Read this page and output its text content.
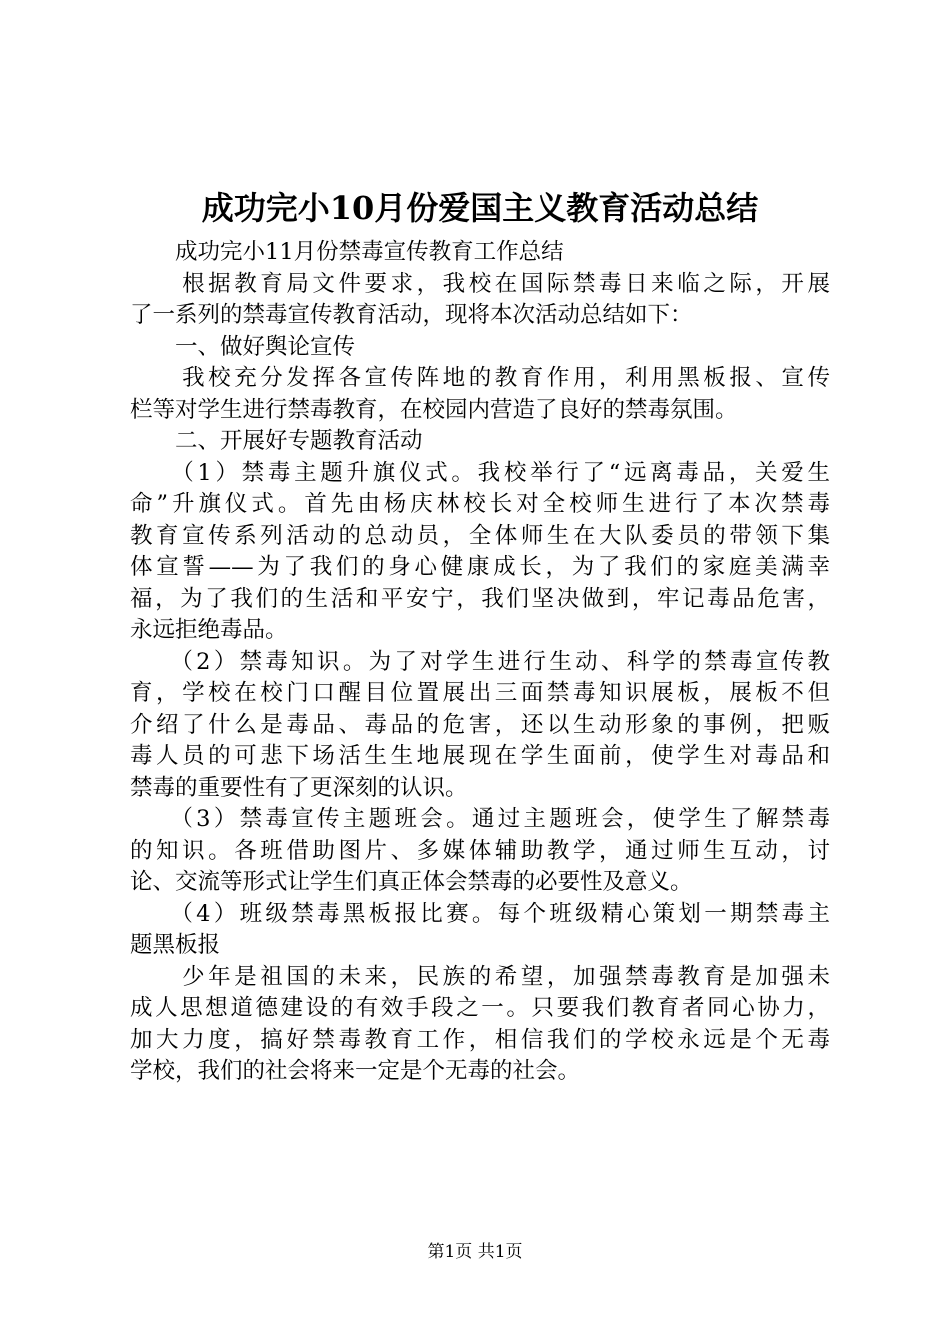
成功完小10月份爱国主义教育活动总结
　　成功完小11月份禁毒宣传教育工作总结
　　根据教育局文件要求，我校在国际禁毒日来临之际，开展
了一系列的禁毒宣传教育活动，现将本次活动总结如下：
　　一、做好舆论宣传
　　我校充分发挥各宣传阵地的教育作用，利用黑板报、宣传
栏等对学生进行禁毒教育，在校园内营造了良好的禁毒氛围。
　　二、开展好专题教育活动
　　（1）禁毒主题升旗仪式。我校举行了“远离毒品，关爱生
命”升旗仪式。首先由杨庆林校长对全校师生进行了本次禁毒
教育宣传系列活动的总动员，全体师生在大队委员的带领下集
体宣誓——为了我们的身心健康成长，为了我们的家庭美满幸
福，为了我们的生活和平安宁，我们坚决做到，牢记毒品危害，
永远拒绝毒品。
　　（2）禁毒知识。为了对学生进行生动、科学的禁毒宣传教
育，学校在校门口醒目位置展出三面禁毒知识展板，展板不但
介绍了什么是毒品、毒品的危害，还以生动形象的事例，把贩
毒人员的可悲下场活生生地展现在学生面前，使学生对毒品和
禁毒的重要性有了更深刻的认识。
　　（3）禁毒宣传主题班会。通过主题班会，使学生了解禁毒
的知识。各班借助图片、多媒体辅助教学，通过师生互动，讨
论、交流等形式让学生们真正体会禁毒的必要性及意义。
　　（4）班级禁毒黑板报比赛。每个班级精心策划一期禁毒主
题黑板报
　　少年是祖国的未来，民族的希望，加强禁毒教育是加强未
成人思想道德建设的有效手段之一。只要我们教育者同心协力，
加大力度，搞好禁毒教育工作，相信我们的学校永远是个无毒
学校，我们的社会将来一定是个无毒的社会。
第1页 共1页
